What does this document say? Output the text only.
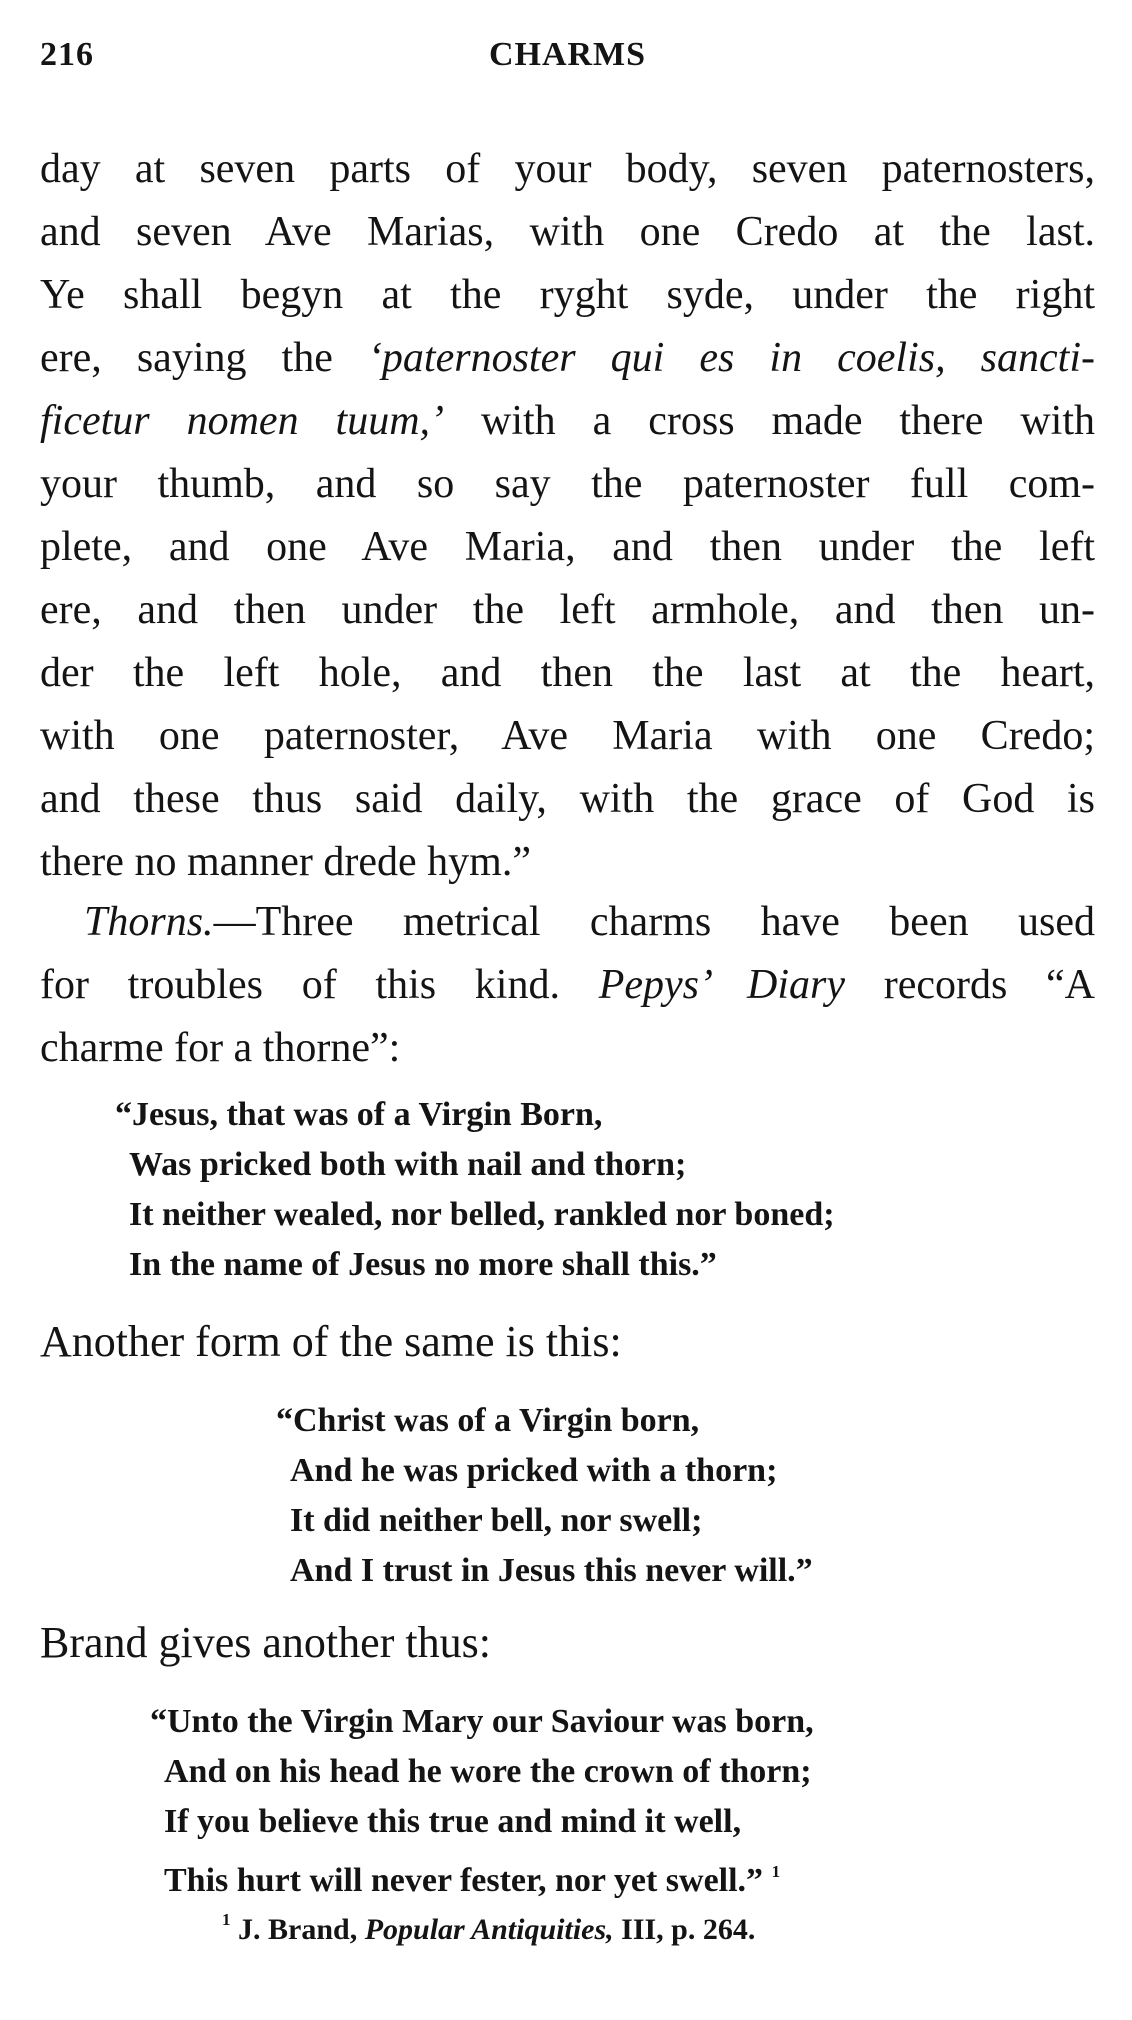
216	CHARMS
day at seven parts of your body, seven paternosters,
and seven Ave Marias, with one Credo at the last.
Ye shall begyn at the ryght syde, under the right
ere, saying the ‘paternoster qui es in coelis, sancti-
ficetur nomen tuum,’ with a cross made there with
your thumb, and so say the paternoster full com-
plete, and one Ave Maria, and then under the left
ere, and then under the left armhole, and then un-
der the left hole, and then the last at the heart,
with one paternoster, Ave Maria with one Credo;
and these thus said daily, with the grace of God is
there no manner drede hym.”
Thorns.—Three metrical charms have been used
for troubles of this kind. Pepys’ Diary records “A
charme for a thorne”:
“Jesus, that was of a Virgin Born,
Was pricked both with nail and thorn;
It neither wealed, nor belled, rankled nor boned;
In the name of Jesus no more shall this.”
Another form of the same is this:
“Christ was of a Virgin born,
And he was pricked with a thorn;
It did neither bell, nor swell;
And I trust in Jesus this never will.”
Brand gives another thus:
“Unto the Virgin Mary our Saviour was born,
And on his head he wore the crown of thorn;
If you believe this true and mind it well,
This hurt will never fester, nor yet swell.” $^1$
$^1$ J. Brand, Popular Antiquities, III, p. 264.
